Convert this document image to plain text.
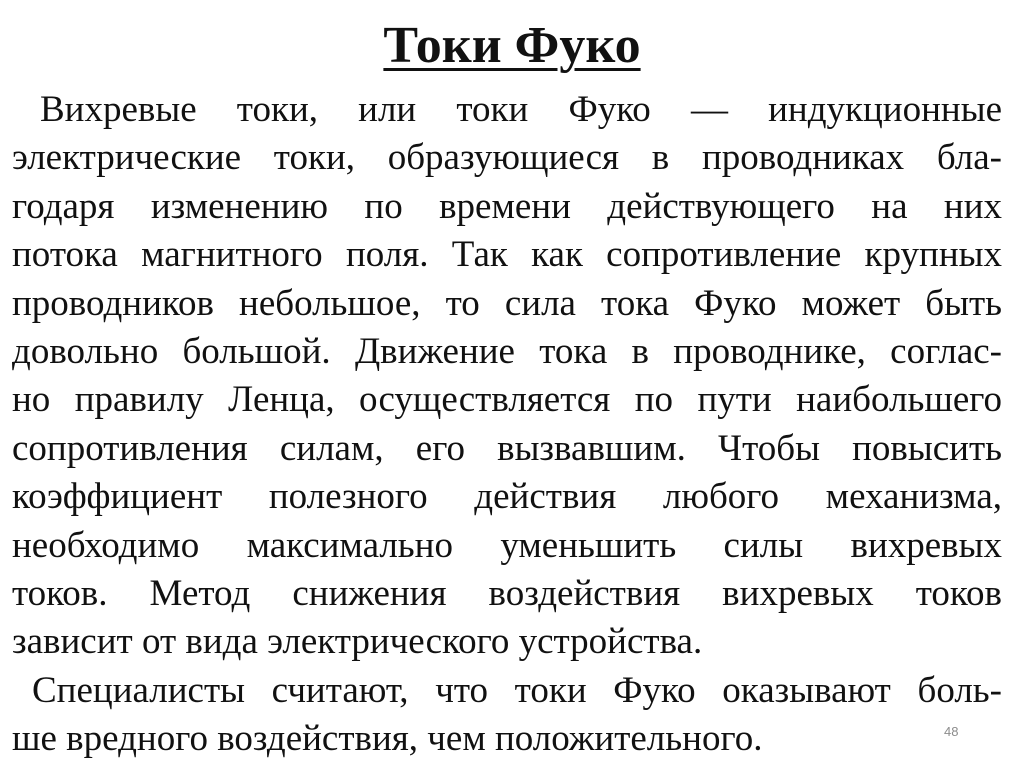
Токи Фуко
Вихревые токи, или токи Фуко — индукционные
электрические токи, образующиеся в проводниках бла-
годаря изменению по времени действующего на них
потока магнитного поля. Так как сопротивление крупных
проводников небольшое, то сила тока Фуко может быть
довольно большой. Движение тока в проводнике, соглас-
но правилу Ленца, осуществляется по пути наибольшего
сопротивления силам, его вызвавшим. Чтобы повысить
коэффициент полезного действия любого механизма,
необходимо максимально уменьшить силы вихревых
токов. Метод снижения воздействия вихревых токов
зависит от вида электрического устройства.
Специалисты считают, что токи Фуко оказывают боль-
ше вредного воздействия, чем положительного.	48
